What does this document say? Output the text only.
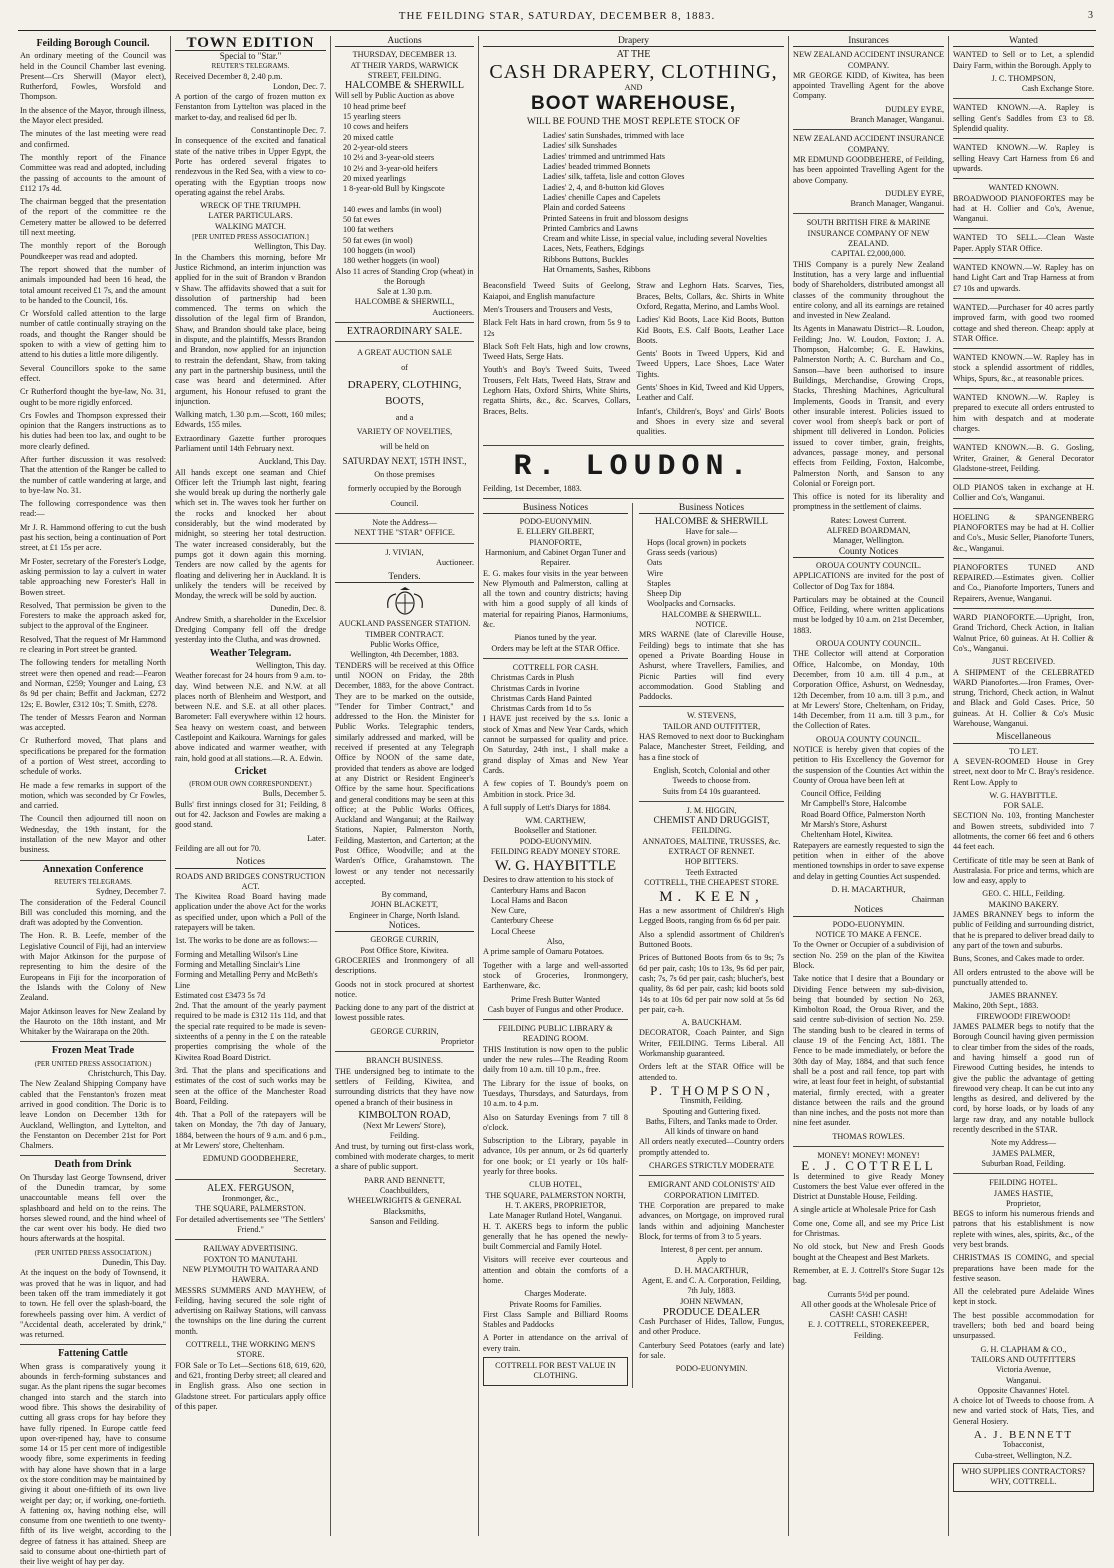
THE FEILDING STAR, SATURDAY, DECEMBER 8, 1883.	3
Feilding Borough Council.

An ordinary meeting of the Council was held in the Council Chamber last evening. Present—Crs Sherwill (Mayor elect), Rutherford, Fowles, Worsfold and Thompson.

In the absence of the Mayor, through illness, the Mayor elect presided.

The minutes of the last meeting were read and confirmed.

The monthly report of the Finance Committee was read and adopted, including the passing of accounts to the amount of £112 17s 4d.

The chairman begged that the presentation of the report of the committee re the Cemetery matter be allowed to be deferred till next meeting.

The monthly report of the Borough Poundkeeper was read and adopted.

The report showed that the number of animals impounded had been 16 head, the total amount received £1 7s, and the amount to be handed to the Council, 16s.

Cr Worsfold called attention to the large number of cattle continually straying on the roads, and thought the Ranger should be spoken to with a view of getting him to attend to his duties a little more diligently.

Several Councillors spoke to the same effect.

Cr Rutherford thought the bye-law, No. 31, ought to be more rigidly enforced.

Crs Fowles and Thompson expressed their opinion that the Rangers instructions as to his duties had been too lax, and ought to be more clearly defined.

After further discussion it was resolved: That the attention of the Ranger be called to the number of cattle wandering at large, and to bye-law No. 31.

The following correspondence was then read:—

Mr J. R. Hammond offering to cut the bush past his section, being a continuation of Port street, at £1 15s per acre.

Mr Foster, secretary of the Forester's Lodge, asking permission to lay a culvert in water table approaching new Forester's Hall in Bowen street.

Resolved, That permission be given to the Foresters to make the approach asked for, subject to the approval of the Engineer.

Resolved, That the request of Mr Hammond re clearing in Port street be granted.

The following tenders for metalling North street were then opened and read:—Fearon and Norman, £259; Younger and Laing, £3 8s 9d per chain; Beffit and Jackman, £272 12s; E. Bowler, £312 10s; T. Smith, £278.

The tender of Messrs Fearon and Norman was accepted.

Cr Rutherford moved, That plans and specifications be prepared for the formation of a portion of West street, according to schedule of works.

He made a few remarks in support of the motion, which was seconded by Cr Fowles, and carried.

The Council then adjourned till noon on Wednesday, the 19th instant, for the installation of the new Mayor and other business.

Annexation Conference
REUTER'S TELEGRAMS.
Sydney, December 7.

The consideration of the Federal Council Bill was concluded this morning, and the draft was adopted by the Convention.

The Hon. R. B. Leefe, member of the Legislative Council of Fiji, had an interview with Major Atkinson for the purpose of representing to him the desire of the Europeans in Fiji for the incorporation of the Islands with the Colony of New Zealand.

Major Atkinson leaves for New Zealand by the Hauroto on the 18th instant, and Mr Whitaker by the Wairarapa on the 20th.

Frozen Meat Trade
(PER UNITED PRESS ASSOCIATION.)
Christchurch, This Day.

The New Zealand Shipping Company have cabled that the Fenstanton's frozen meat arrived in good condition. The Doric is to leave London on December 13th for Auckland, Wellington, and Lyttelton, and the Fenstanton on December 21st for Port Chalmers.

Death from Drink

On Thursday last George Townsend, driver of the Dunedin tramcar, by some unaccountable means fell over the splashboard and held on to the reins. The horses slewed round, and the hind wheel of the car went over his body. He died two hours afterwards at the hospital.

(PER UNITED PRESS ASSOCIATION.)
Dunedin, This Day.

At the inquest on the body of Townsend, it was proved that he was in liquor, and had been taken off the tram immediately it got to town. He fell over the splash-board, the forewheels passing over him. A verdict of "Accidental death, accelerated by drink," was returned.

Fattening Cattle

When grass is comparatively young it abounds in ferch-forming substances and sugar. As the plant ripens the sugar becomes changed into starch and the starch into wood fibre. This shows the desirability of cutting all grass crops for hay before they have fully ripened. In Europe cattle feed upon over-ripened hay, have to consume some 14 or 15 per cent more of indigestible woody fibre, some experiments in feeding with hay alone have shown that in a large ox the store condition may be maintained by giving it about one-fiftieth of its own live weight per day; or, if working, one-fortieth. A fattening ox, having nothing else, will consume from one twentieth to one twenty-fifth of its live weight, according to the degree of fatness it has attained. Sheep are said to consume about one-thirtieth part of their live weight of hay per day.

TOWN EDITION
Special to "Star."
REUTER'S TELEGRAMS.
Received December 8, 2.40 p.m.
London, Dec. 7.

A portion of the cargo of frozen mutton ex Fenstanton from Lyttelton was placed in the market to-day, and realised 6d per lb.

Constantinople Dec. 7.

In consequence of the excited and fanatical state of the native tribes in Upper Egypt, the Porte has ordered several frigates to rendezvous in the Red Sea, with a view to co-operating with the Egyptian troops now operating against the rebel Arabs.

WRECK OF THE TRIUMPH.
LATER PARTICULARS.
WALKING MATCH.
[PER UNITED PRESS ASSOCIATION.]
Wellington, This Day.

In the Chambers this morning, before Mr Justice Richmond, an interim injunction was applied for in the suit of Brandon v Brandon v Shaw. The affidavits showed that a suit for dissolution of partnership had been commenced. The terms on which the dissolution of the legal firm of Brandon, Shaw, and Brandon should take place, being in dispute, and the plaintiffs, Messrs Brandon and Brandon, now applied for an injunction to restrain the defendant, Shaw, from taking any part in the partnership business, until the case was heard and determined. After argument, his Honour refused to grant the injunction.

Walking match, 1.30 p.m.—Scott, 160 miles; Edwards, 155 miles.

Extraordinary Gazette further proroques Parliament until 14th February next.

Auckland, This Day.

All hands except one seaman and Chief Officer left the Triumph last night, fearing she would break up during the northerly gale which set in. The waves took her further on the rocks and knocked her about considerably, but the wind moderated by midnight, so steering her total destruction. The water increased considerably, but the pumps got it down again this morning. Tenders are now called by the agents for floating and delivering her in Auckland. It is unlikely the tenders will be received by Monday, the wreck will be sold by auction.

Dunedin, Dec. 8.

Andrew Smith, a shareholder in the Excelsior Dredging Company fell off the dredge yesterday into the Clutha, and was drowned.

Weather Telegram.
Wellington, This day.

Weather forecast for 24 hours from 9 a.m. to-day. Wind between N.E. and N.W. at all places north of Blenheim and Westport, and between N.E. and S.E. at all other places. Barometer: Fall everywhere within 12 hours. Sea heavy on western coast, and between Castlepoint and Kaikoura. Warnings for gales above indicated and warmer weather, with rain, hold good at all stations.—R. A. Edwin.

Cricket
(FROM OUR OWN CORRESPONDENT.)
Bulls, December 5.

Bulls' first innings closed for 31; Feilding, 8 out for 42. Jackson and Fowles are making a good stand.

Later.

Feilding are all out for 70.

Notices
ROADS AND BRIDGES CONSTRUCTION ACT.

The Kiwitea Road Board having made application under the above Act for the works as specified under, upon which a Poll of the ratepayers will be taken.

1st. The works to be done are as follows:—

Forming and Metalling Wilson's Line
Forming and Metalling Sinclair's Line
Forming and Metalling Perry and McBeth's Line
Estimated cost £3473 5s 7d

2nd. That the amount of the yearly payment required to be made is £312 11s 11d, and that the special rate required to be made is seven-sixteenths of a penny in the £ on the rateable properties comprising the whole of the Kiwitea Road Board District.

3rd. That the plans and specifications and estimates of the cost of such works may be seen at the office of the Manchester Road Board, Feilding.

4th. That a Poll of the ratepayers will be taken on Monday, the 7th day of January, 1884, between the hours of 9 a.m. and 6 p.m., at Mr Lewers' store, Cheltenham.

EDMUND GOODBEHERE,
Secretary.
ALEX. FERGUSON,
Ironmonger, &c.,
THE SQUARE, PALMERSTON.
For detailed advertisements see "The Settlers' Friend."
RAILWAY ADVERTISING.
FOXTON TO MANUTAHI.
NEW PLYMOUTH TO WAITARA AND HAWERA.

MESSRS SUMMERS AND MAYHEW, of Feilding, having secured the sole right of advertising on Railway Stations, will canvass the townships on the line during the current month.

COTTRELL, THE WORKING MEN'S STORE.

FOR Sale or To Let—Sections 618, 619, 620, and 621, fronting Derby street; all cleared and in English grass. Also one section in Gladstone street. For particulars apply office of this paper.

Auctions
THURSDAY, DECEMBER 13.
AT THEIR YARDS, WARWICK STREET, FEILDING.
HALCOMBE & SHERWILL
Will sell by Public Auction as above
10 head prime beef
15 yearling steers
10 cows and heifers
20 mixed cattle
20 2-year-old steers
10 2½ and 3-year-old steers
10 2½ and 3-year-old heifers
20 mixed yearlings
1 8-year-old Bull by Kingscote

140 ewes and lambs (in wool)
50 fat ewes
100 fat wethers
50 fat ewes (in wool)
100 hoggets (in wool)
180 wether hoggets (in wool)
Also 11 acres of Standing Crop (wheat) in the Borough
Sale at 1.30 p.m.
HALCOMBE & SHERWILL,
Auctioneers.
EXTRAORDINARY SALE.
A GREAT AUCTION SALE
of
DRAPERY, CLOTHING, BOOTS,
and a
VARIETY OF NOVELTIES,
will be held on
SATURDAY NEXT, 15TH INST.,
On those premises
formerly occupied by the Borough
Council.
Note the Address—
NEXT THE "STAR" OFFICE.
J. VIVIAN,
Auctioneer.
Tenders.
AUCKLAND PASSENGER STATION.
TIMBER CONTRACT.
Public Works Office,
Wellington, 4th December, 1883.

TENDERS will be received at this Office until NOON on Friday, the 28th December, 1883, for the above Contract. They are to be marked on the outside, "Tender for Timber Contract," and addressed to the Hon. the Minister for Public Works. Telegraphic tenders, similarly addressed and marked, will be received if presented at any Telegraph Office by NOON of the same date, provided that tenders as above are lodged at any District or Resident Engineer's Office by the same hour. Specifications and general conditions may be seen at this office; at the Public Works Offices, Auckland and Wanganui; at the Railway Stations, Napier, Palmerston North, Feilding, Masterton, and Carterton; at the Post Office, Woodville; and at the Warden's Office, Grahamstown. The lowest or any tender not necessarily accepted.

By command,
JOHN BLACKETT,
Engineer in Charge, North Island.
Notices.
GEORGE CURRIN,
Post Office Store, Kiwitea.

GROCERIES and Ironmongery of all descriptions.

Goods not in stock procured at shortest notice.

Packing done to any part of the district at lowest possible rates.

GEORGE CURRIN,
Proprietor
BRANCH BUSINESS.

THE undersigned beg to intimate to the settlers of Feilding, Kiwitea, and surrounding districts that they have now opened a branch of their business in

KIMBOLTON ROAD,
(Next Mr Lewers' Store),
Feilding.

And trust, by turning out first-class work, combined with moderate charges, to merit a share of public support.

PARR AND BENNETT,
Coachbuilders,
WHEELWRIGHTS & GENERAL
Blacksmiths,
Sanson and Feilding.
Drapery
AT THE
CASH DRAPERY, CLOTHING,
AND
BOOT WAREHOUSE,
WILL BE FOUND THE MOST REPLETE STOCK OF
Ladies' satin Sunshades, trimmed with lace
Ladies' silk Sunshades
Ladies' trimmed and untrimmed Hats
Ladies' beaded trimmed Bonnets
Ladies' silk, taffeta, lisle and cotton Gloves
Ladies' 2, 4, and 8-button kid Gloves
Ladies' chenille Capes and Capelets
Plain and corded Sateens
Printed Sateens in fruit and blossom designs
Printed Cambrics and Lawns
Cream and white Lisse, in special value, including several Novelties
Laces, Nets, Feathers, Edgings
Ribbons Buttons, Buckles
Hat Ornaments, Sashes, Ribbons

Beaconsfield Tweed Suits of Geelong, Kaiapoi, and English manufacture

Men's Trousers and Trousers and Vests,

Black Felt Hats in hard crown, from 5s 9 to 12s

Black Soft Felt Hats, high and low crowns, Tweed Hats, Serge Hats.

Youth's and Boy's Tweed Suits, Tweed Trousers, Felt Hats, Tweed Hats, Straw and Leghorn Hats, Oxford Shirts, White Shirts, regatta Shirts, &c., &c. Scarves, Collars, Braces, Belts.

Straw and Leghorn Hats. Scarves, Ties, Braces, Belts, Collars, &c. Shirts in White Oxford, Regatta, Merino, and Lambs Wool.

Ladies' Kid Boots, Lace Kid Boots, Button Kid Boots, E.S. Calf Boots, Leather Lace Boots.

Gents' Boots in Tweed Uppers, Kid and Tweed Uppers, Lace Shoes, Lace Water Tights.

Gents' Shoes in Kid, Tweed and Kid Uppers, Leather and Calf.

Infant's, Children's, Boys' and Girls' Boots and Shoes in every size and several qualities.

R. LOUDON.
Feilding, 1st December, 1883.
Business Notices
PODO-EUONYMIN.
E. ELLERY GILBERT,
PIANOFORTE,
Harmonium, and Cabinet Organ Tuner and Repairer.

E. G. makes four visits in the year between New Plymouth and Palmerston, calling at all the town and country districts; having with him a good supply of all kinds of material for repairing Pianos, Harmoniums, &c.

Pianos tuned by the year.
Orders may be left at the STAR Office.
COTTRELL FOR CASH.
Christmas Cards in Plush
Christmas Cards in Ivorine
Christmas Cards Hand Painted
Christmas Cards from 1d to 5s

I HAVE just received by the s.s. Ionic a stock of Xmas and New Year Cards, which cannot be surpassed for quality and price. On Saturday, 24th inst., I shall make a grand display of Xmas and New Year Cards.

A few copies of T. Boundy's poem on Ambition in stock. Price 3d.

A full supply of Lett's Diarys for 1884.

WM. CARTHEW,
Bookseller and Stationer.
PODO-EUONYMIN.
FEILDING READY MONEY STORE.
W. G. HAYBITTLE
Desires to draw attention to his stock of
Canterbury Hams and Bacon
Local Hams and Bacon
New Cure,
Canterbury Cheese
Local Cheese
Also,

A prime sample of Oamaru Potatoes.

Together with a large and well-assorted stock of Groceries, Ironmongery, Earthenware, &c.

Prime Fresh Butter Wanted
Cash buyer of Fungus and other Produce.
FEILDING PUBLIC LIBRARY & READING ROOM.

THIS Institution is now open to the public under the new rules—The Reading Room daily from 10 a.m. till 10 p.m., free.

The Library for the issue of books, on Tuesdays, Thursdays, and Saturdays, from 10 a.m. to 4 p.m.

Also on Saturday Evenings from 7 till 8 o'clock.

Subscription to the Library, payable in advance, 10s per annum, or 2s 6d quarterly for one book; or £1 yearly or 10s half-yearly for three books.

CLUB HOTEL,
THE SQUARE, PALMERSTON NORTH,
H. T. AKERS, PROPRIETOR,
Late Manager Rutland Hotel, Wanganui.

H. T. AKERS begs to inform the public generally that he has opened the newly-built Commercial and Family Hotel.

Visitors will receive ever courteous and attention and obtain the comforts of a home.

Charges Moderate.
Private Rooms for Families.

First Class Sample and Billiard Rooms Stables and Paddocks

A Porter in attendance on the arrival of every train.

COTTRELL FOR BEST VALUE IN CLOTHING.
Business Notices
HALCOMBE & SHERWILL
Have for sale—
Hops (local grown) in pockets
Grass seeds (various)
Oats
Wire
Staples
Sheep Dip
Woolpacks and Cornsacks.
HALCOMBE & SHERWILL.
NOTICE.

MRS WARNE (late of Clareville House, Feilding) begs to intimate that she has opened a Private Boarding House in Ashurst, where Travellers, Families, and Picnic Parties will find every accommodation. Good Stabling and Paddocks.

W. STEVENS,
TAILOR AND OUTFITTER,

HAS Removed to next door to Buckingham Palace, Manchester Street, Feilding, and has a fine stock of

English, Scotch, Colonial and other
Tweeds to choose from.
Suits from £4 10s guaranteed.
J. M. HIGGIN,
CHEMIST AND DRUGGIST,
FEILDING.
ANNATOES, MALTINE, TRUSSES, &c.
EXTRACT OF RENNET.
HOP BITTERS.
Teeth Extracted
COTTRELL, THE CHEAPEST STORE.
M. KEEN,

Has a new assortment of Children's High Legged Boots, ranging from 6s 6d per pair.

Also a splendid assortment of Children's Buttoned Boots.

Prices of Buttoned Boots from 6s to 9s; 7s 6d per pair, cash; 10s to 13s, 9s 6d per pair, cash; 7s, 7s 6d per pair, cash; blucher's, best quality, 8s 6d per pair, cash; kid boots sold 14s to at 10s 6d per pair now sold at 5s 6d per pair, ca-h.

A. BAUCKHAM.

DECORATOR, Coach Painter, and Sign Writer, FEILDING. Terms Liberal. All Workmanship guaranteed.

Orders left at the STAR Office will be attended to.

P. THOMPSON,
Tinsmith, Feilding.
Spouting and Guttering fixed.
Baths, Filters, and Tanks made to Order.
All kinds of tinware on hand

All orders neatly executed—Country orders promptly attended to.

CHARGES STRICTLY MODERATE
EMIGRANT AND COLONISTS' AID CORPORATION LIMITED.

THE Corporation are prepared to make advances, on Mortgage, on improved rural lands within and adjoining Manchester Block, for terms of from 3 to 5 years.

Interest, 8 per cent. per annum.
Apply to
D. H. MACARTHUR,
Agent, E. and C. A. Corporation, Feilding, 7th July, 1883.
JOHN NEWMAN,
PRODUCE DEALER

Cash Purchaser of Hides, Tallow, Fungus, and other Produce.

Canterbury Seed Potatoes (early and late) for sale.

PODO-EUONYMIN.
Insurances
NEW ZEALAND ACCIDENT INSURANCE COMPANY.

MR GEORGE KIDD, of Kiwitea, has been appointed Travelling Agent for the above Company.

DUDLEY EYRE,
Branch Manager, Wanganui.
NEW ZEALAND ACCIDENT INSURANCE COMPANY.

MR EDMUND GOODBEHERE, of Feilding, has been appointed Travelling Agent for the above Company.

DUDLEY EYRE,
Branch Manager, Wanganui.
SOUTH BRITISH FIRE & MARINE INSURANCE COMPANY OF NEW ZEALAND.
CAPITAL £2,000,000.

THIS Company is a purely New Zealand Institution, has a very large and influential body of Shareholders, distributed amongst all classes of the community throughout the entire colony, and all its earnings are retained and invested in New Zealand.

Its Agents in Manawatu District—R. Loudon, Feilding; Jno. W. Loudon, Foxton; J. A. Thompson, Halcombe; G. E. Hawkins, Palmerston North; A. C. Burcham and Co., Sanson—have been authorised to insure Buildings, Merchandise, Growing Crops, Stacks, Threshing Machines, Agricultural Implements, Goods in Transit, and every other insurable interest. Policies issued to cover wool from sheep's back or port of shipment till delivered in London. Policies issued to cover timber, grain, freights, advances, passage money, and personal effects from Feilding, Foxton, Halcombe, Palmerston North, and Sanson to any Colonial or Foreign port.

This office is noted for its liberality and promptness in the settlement of claims.

Rates: Lowest Current.
ALFRED BOARDMAN,
Manager, Wellington.
County Notices
OROUA COUNTY COUNCIL.

APPLICATIONS are invited for the post of Collector of Dog Tax for 1884.

Particulars may be obtained at the Council Office, Feilding, where written applications must be lodged by 10 a.m. on 21st December, 1883.

OROUA COUNTY COUNCIL.

THE Collector will attend at Corporation Office, Halcombe, on Monday, 10th December, from 10 a.m. till 4 p.m., at Corporation Office, Ashurst, on Wednesday, 12th December, from 10 a.m. till 3 p.m., and at Mr Lewers' Store, Cheltenham, on Friday, 14th December, from 11 a.m. till 3 p.m., for the Collection of Rates.

OROUA COUNTY COUNCIL.

NOTICE is hereby given that copies of the petition to His Excellency the Governor for the suspension of the Counties Act within the County of Oroua have been left at

Council Office, Feilding
Mr Campbell's Store, Halcombe
Road Board Office, Palmerston North
Mr Marsh's Store, Ashurst
Cheltenham Hotel, Kiwitea.

Ratepayers are earnestly requested to sign the petition when in either of the above mentioned townships in order to save expense and delay in getting Counties Act suspended.

D. H. MACARTHUR,
Chairman
Notices
PODO-EUONYMIN.
NOTICE TO MAKE A FENCE.

To the Owner or Occupier of a subdivision of section No. 259 on the plan of the Kiwitea Block.

Take notice that I desire that a Boundary or Dividing Fence between my sub-division, being that bounded by section No 263, Kimbolton Road, the Oroua River, and the said centre sub-division of section No. 259. The standing bush to be cleared in terms of clause 19 of the Fencing Act, 1881. The Fence to be made immediately, or before the 30th day of May, 1884, and that such fence shall be a post and rail fence, top part with wire, at least four feet in height, of substantial material, firmly erected, with a greater distance between the rails and the ground than nine inches, and the posts not more than nine feet asunder.

THOMAS ROWLES.
MONEY! MONEY! MONEY!
E. J. COTTRELL

Is determined to give Ready Money Customers the best Value ever offered in the District at Dunstable House, Feilding.

A single article at Wholesale Price for Cash

Come one, Come all, and see my Price List for Christmas.

No old stock, but New and Fresh Goods bought at the Cheapest and Best Markets.

Remember, at E. J. Cottrell's Store Sugar 12s bag.

Currants 5½d per pound.
All other goods at the Wholesale Price of
CASH! CASH! CASH!
E. J. COTTRELL, STOREKEEPER,
Feilding.
Wanted

WANTED to Sell or to Let, a splendid Dairy Farm, within the Borough. Apply to

J. C. THOMPSON,
Cash Exchange Store.

WANTED KNOWN.—A. Rapley is selling Gent's Saddles from £3 to £8. Splendid quality.

WANTED KNOWN.—W. Rapley is selling Heavy Cart Harness from £6 and upwards.

WANTED KNOWN.

BROADWOOD PIANOFORTES may be had at H. Collier and Co's, Avenue, Wanganui.

WANTED TO SELL.—Clean Waste Paper. Apply STAR Office.

WANTED KNOWN.—W. Rapley has on hand Light Cart and Trap Harness at from £7 10s and upwards.

WANTED.—Purchaser for 40 acres partly improved farm, with good two roomed cottage and shed thereon. Cheap: apply at STAR Office.

WANTED KNOWN.—W. Rapley has in stock a splendid assortment of riddles, Whips, Spurs, &c., at reasonable prices.

WANTED KNOWN.—W. Rapley is prepared to execute all orders entrusted to him with despatch and at moderate charges.

WANTED KNOWN.—B. G. Gosling, Writer, Grainer, & General Decorator Gladstone-street, Feilding.

OLD PIANOS taken in exchange at H. Collier and Co's, Wanganui.

HOELING & SPANGENBERG PIANOFORTES may be had at H. Collier and Co's., Music Seller, Pianoforte Tuners, &c., Wanganui.

PIANOFORTES TUNED AND REPAIRED.—Estimates given. Collier and Co., Pianoforte Importers, Tuners and Repairers, Avenue, Wanganui.

WARD PIANOFORTE.—Upright, Iron, Grand Trichord, Check Action, in Italian Walnut Price, 60 guineas. At H. Collier & Co's., Wanganui.

JUST RECEIVED.

A SHIPMENT of the CELEBRATED WARD Pianofortes.—Iron Frames, Over-strung, Trichord, Check action, in Walnut and Black and Gold Cases. Price, 50 guineas. At H. Collier & Co's Music Warehouse, Wanganui.

Miscellaneous
TO LET.

A SEVEN-ROOMED House in Grey street, next door to Mr C. Bray's residence. Rent Low. Apply to

W. G. HAYBITTLE.
FOR SALE.

SECTION No. 103, fronting Manchester and Bowen streets, subdivided into 7 allotments, the corner 66 feet and 6 others 44 feet each.

Certificate of title may be seen at Bank of Australasia. For price and terms, which are low and easy, apply to

GEO. C. HILL, Feilding.
MAKINO BAKERY.

JAMES BRANNEY begs to inform the public of Feilding and surrounding district, that he is prepared to deliver bread daily to any part of the town and suburbs.

Buns, Scones, and Cakes made to order.

All orders entrusted to the above will be punctually attended to.

JAMES BRANNEY.
Makino, 20th Sept., 1883.
FIREWOOD! FIREWOOD!

JAMES PALMER begs to notify that the Borough Council having given permission to clear timber from the sides of the roads, and having himself a good run of Firewood Cutting besides, he intends to give the public the advantage of getting firewood very cheap. It can be cut into any lengths as desired, and delivered by the cord, by horse loads, or by loads of any large raw dray, and any notable bullock recently described in the STAR.

Note my Address—
JAMES PALMER,
Suburban Road, Feilding.
FEILDING HOTEL.
JAMES HASTIE,
Proprietor,

BEGS to inform his numerous friends and patrons that his establishment is now replete with wines, ales, spirits, &c., of the very best brands.

CHRISTMAS IS COMING, and special preparations have been made for the festive season.

All the celebrated pure Adelaide Wines kept in stock.

The best possible accommodation for travellers; both bed and board being unsurpassed.

G. H. CLAPHAM & CO.,
TAILORS AND OUTFITTERS
Victoria Avenue,
Wanganui.
Opposite Chavannes' Hotel.

A choice lot of Tweeds to choose from. A new and varied stock of Hats, Ties, and General Hosiery.

A. J. BENNETT
Tobacconist,
Cuba-street, Wellington, N.Z.
WHO SUPPLIES CONTRACTORS? WHY, COTTRELL.
